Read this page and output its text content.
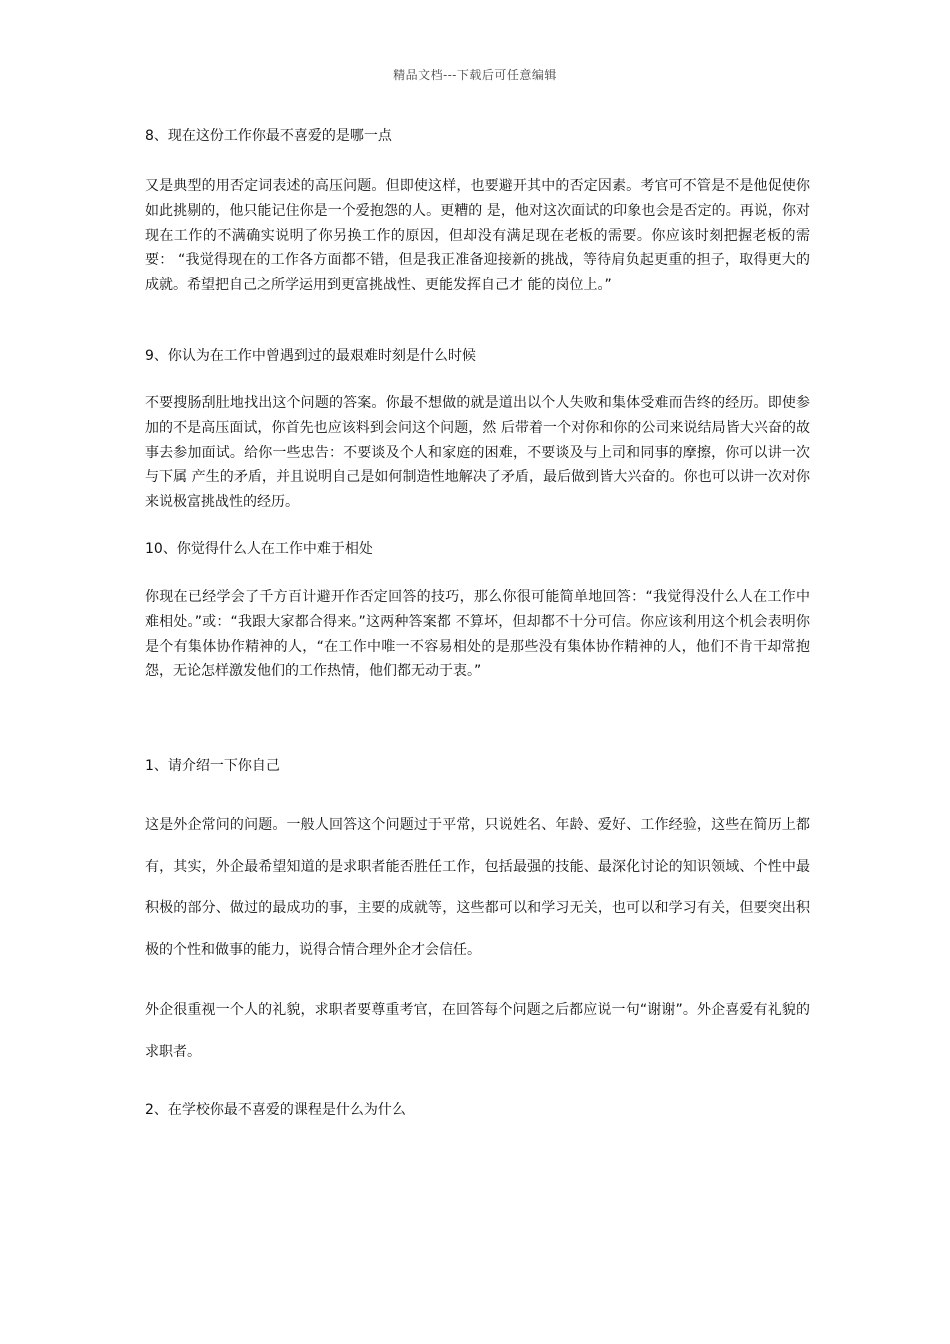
精品文档---下载后可任意编辑
8、现在这份工作你最不喜爱的是哪一点

又是典型的用否定词表述的高压问题。但即使这样，也要避开其中的否定因素。考官可不管是不是他促使你如此挑剔的，他只能记住你是一个爱抱怨的人。更糟的 是，他对这次面试的印象也会是否定的。再说，你对现在工作的不满确实说明了你另换工作的原因，但却没有满足现在老板的需要。你应该时刻把握老板的需要： “我觉得现在的工作各方面都不错，但是我正准备迎接新的挑战，等待肩负起更重的担子，取得更大的成就。希望把自己之所学运用到更富挑战性、更能发挥自己才 能的岗位上。”

9、你认为在工作中曾遇到过的最艰难时刻是什么时候

不要搜肠刮肚地找出这个问题的答案。你最不想做的就是道出以个人失败和集体受难而告终的经历。即使参加的不是高压面试，你首先也应该料到会问这个问题，然 后带着一个对你和你的公司来说结局皆大兴奋的故事去参加面试。给你一些忠告：不要谈及个人和家庭的困难，不要谈及与上司和同事的摩擦，你可以讲一次与下属 产生的矛盾，并且说明自己是如何制造性地解决了矛盾，最后做到皆大兴奋的。你也可以讲一次对你来说极富挑战性的经历。

10、你觉得什么人在工作中难于相处

你现在已经学会了千方百计避开作否定回答的技巧，那么你很可能简单地回答：“我觉得没什么人在工作中难相处。”或：“我跟大家都合得来。”这两种答案都 不算坏，但却都不十分可信。你应该利用这个机会表明你是个有集体协作精神的人，“在工作中唯一不容易相处的是那些没有集体协作精神的人，他们不肯干却常抱 怨，无论怎样激发他们的工作热情，他们都无动于衷。”

1、请介绍一下你自己

这是外企常问的问题。一般人回答这个问题过于平常，只说姓名、年龄、爱好、工作经验，这些在简历上都有，其实，外企最希望知道的是求职者能否胜任工作，包括最强的技能、最深化讨论的知识领域、个性中最积极的部分、做过的最成功的事，主要的成就等，这些都可以和学习无关，也可以和学习有关，但要突出积极的个性和做事的能力，说得合情合理外企才会信任。

外企很重视一个人的礼貌，求职者要尊重考官，在回答每个问题之后都应说一句“谢谢”。外企喜爱有礼貌的求职者。

2、在学校你最不喜爱的课程是什么为什么
